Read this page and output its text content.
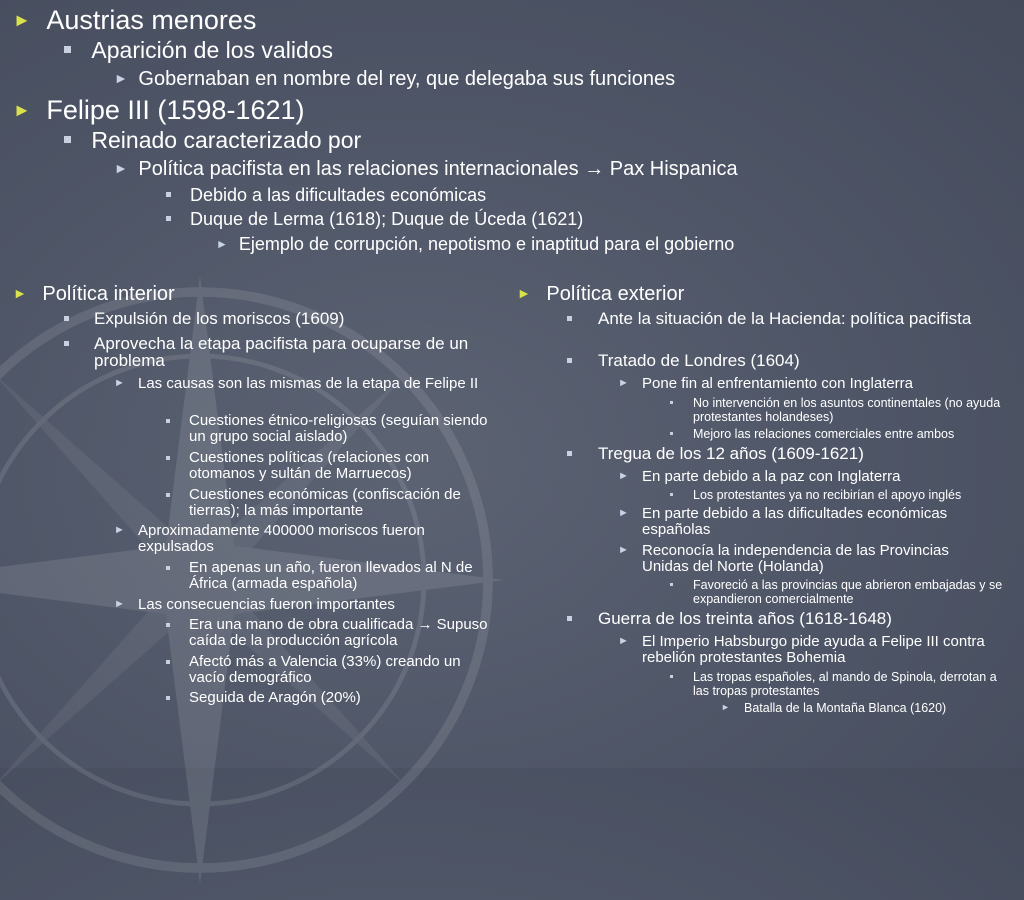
► Austrias menores
Aparición de los validos
► Gobernaban en nombre del rey, que delegaba sus funciones
► Felipe III (1598-1621)
Reinado caracterizado por
► Política pacifista en las relaciones internacionales → Pax Hispanica
Debido a las dificultades económicas
Duque de Lerma (1618); Duque de Úceda (1621)
► Ejemplo de corrupción, nepotismo e inaptitud para el gobierno
► Política interior
Expulsión de los moriscos (1609)
Aprovecha la etapa pacifista para ocuparse de un problema
► Las causas son las mismas de la etapa de Felipe II
Cuestiones étnico-religiosas (seguían siendo un grupo social aislado)
Cuestiones políticas (relaciones con otomanos y sultán de Marruecos)
Cuestiones económicas (confiscación de tierras); la más importante
► Aproximadamente 400000 moriscos fueron expulsados
En apenas un año, fueron llevados al N de África (armada española)
► Las consecuencias fueron importantes
Era una mano de obra cualificada → Supuso caída de la producción agrícola
Afectó más a Valencia (33%) creando un vacío demográfico
Seguida de Aragón (20%)
► Política exterior
Ante la situación de la Hacienda: política pacifista
Tratado de Londres (1604)
► Pone fin al enfrentamiento con Inglaterra
No intervención en los asuntos continentales (no ayuda protestantes holandeses)
Mejoro las relaciones comerciales entre ambos
Tregua de los 12 años (1609-1621)
► En parte debido a la paz con Inglaterra
Los protestantes ya no recibirían el apoyo inglés
► En parte debido a las dificultades económicas españolas
► Reconocía la independencia de las Provincias Unidas del Norte (Holanda)
Favoreció a las provincias que abrieron embajadas y se expandieron comercialmente
Guerra de los treinta años (1618-1648)
► El Imperio Habsburgo pide ayuda a Felipe III contra rebelión protestantes Bohemia
Las tropas españoles, al mando de Spinola, derrotan a las tropas protestantes
► Batalla de la Montaña Blanca (1620)
